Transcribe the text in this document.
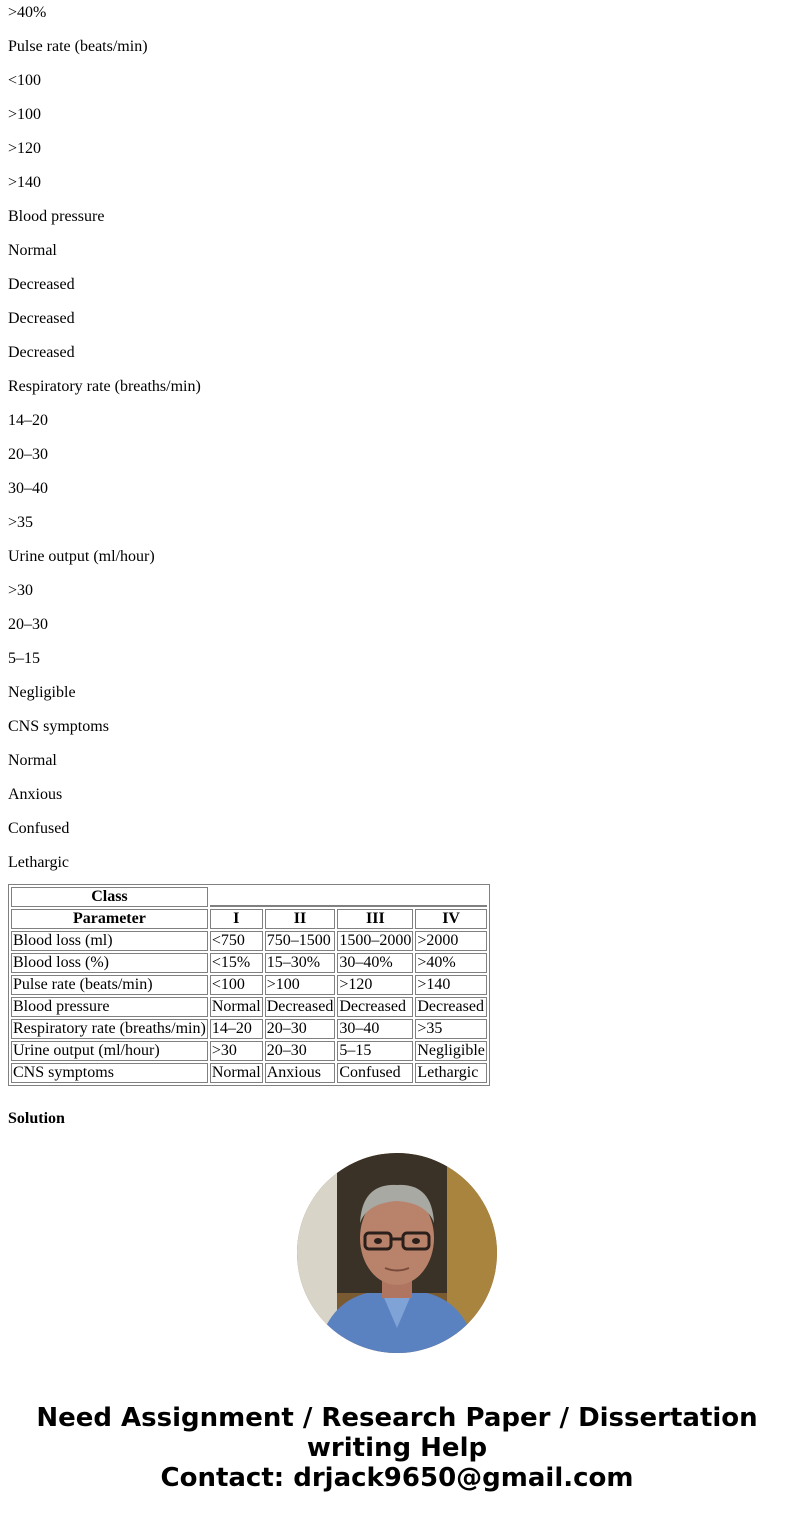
>40%

Pulse rate (beats/min)

<100

>100

>120

>140

Blood pressure

Normal

Decreased

Decreased

Decreased

Respiratory rate (breaths/min)

14–20

20–30

30–40

>35

Urine output (ml/hour)

>30

20–30

5–15

Negligible

CNS symptoms

Normal

Anxious

Confused

Lethargic

Class				
Parameter	I	II	III	IV
Blood loss (ml)	<750	750–1500	1500–2000	>2000
Blood loss (%)	<15%	15–30%	30–40%	>40%
Pulse rate (beats/min)	<100	>100	>120	>140
Blood pressure	Normal	Decreased	Decreased	Decreased
Respiratory rate (breaths/min)	14–20	20–30	30–40	>35
Urine output (ml/hour)	>30	20–30	5–15	Negligible
CNS symptoms	Normal	Anxious	Confused	Lethargic
Solution
Need Assignment / Research Paper / Dissertation
writing Help
Contact: drjack9650@gmail.com
